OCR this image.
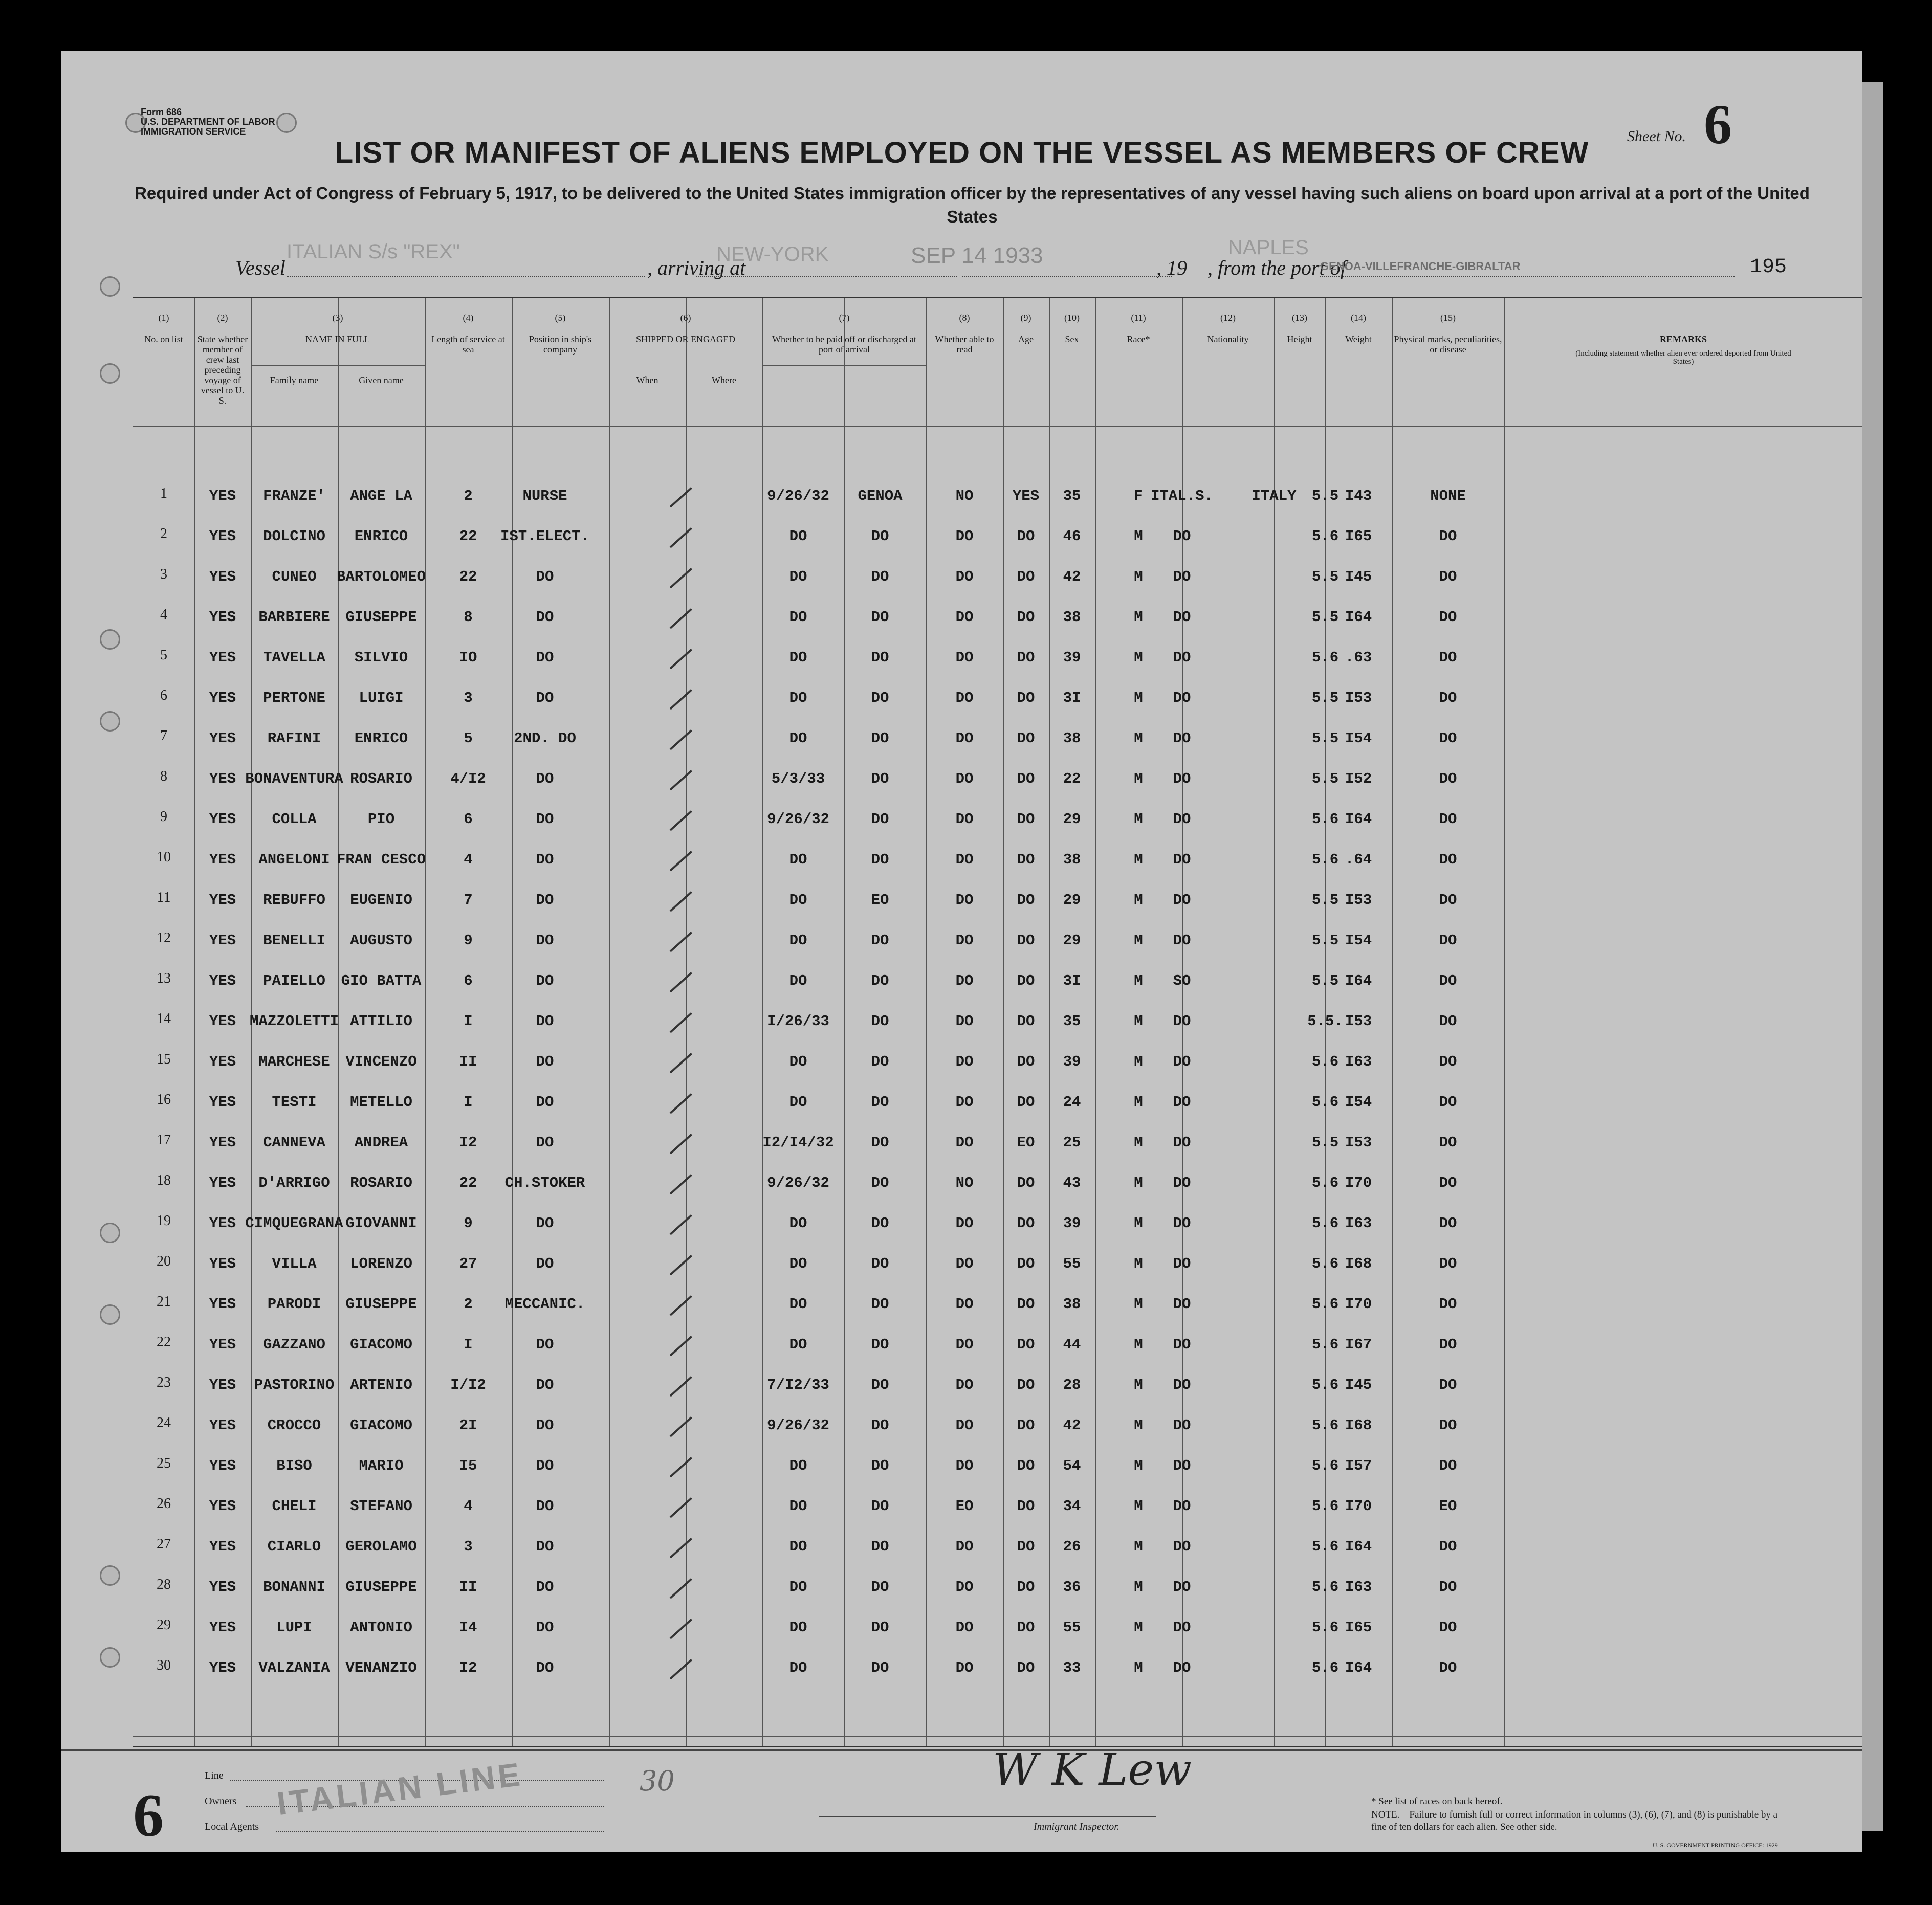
Form 686
U.S. DEPARTMENT OF LABOR
IMMIGRATION SERVICE
LIST OR MANIFEST OF ALIENS EMPLOYED ON THE VESSEL AS MEMBERS OF CREW	Sheet No. 6
Required under Act of Congress of February 5, 1917, to be delivered to the United States immigration officer by the representatives of any vessel having such aliens on board upon arrival at a port of the United States
Vessel
ITALIAN S/s "REX"
, arriving at
NEW-YORK	SEP 14 1933	, 19 , from the port of
NAPLES
GENOA-VILLEFRANCHE-GIBRALTAR	195
(1)
No. on list
(2)
State whether member of crew last preceding voyage of vessel to U. S.
(3)
NAME IN FULL
Family name	Given name
(4)
Length of service at sea
(5)
Position in ship's company
(6)
SHIPPED OR ENGAGED
When	Where
(7)
Whether to be paid off or discharged at port of arrival
(8)
Whether able to read
(9)
Age
(10)
Sex
(11)
Race*
(12)
Nationality
(13)
Height
(14)
Weight
(15)
Physical marks, peculiarities, or disease
REMARKS
(Including statement whether alien ever ordered deported from United States)
1	YES	FRANZE'	ANGE LA	2	NURSE	9/26/32	GENOA	NO	YES	35	F ITAL.S.	ITALY	5.5 I43	NONE
2	YES	DOLCINO	ENRICO	22	IST.ELECT.	DO	DO	DO	DO	46	M	DO	5.6 I65	DO
3	YES	CUNEO	BARTOLOMEO	22	DO	DO	DO	DO	DO	42	M	DO	5.5 I45	DO
4	YES	BARBIERE	GIUSEPPE	8	DO	DO	DO	DO	DO	38	M	DO	5.5 I64	DO
5	YES	TAVELLA	SILVIO	IO	DO	DO	DO	DO	DO	39	M	DO	5.6 .63	DO
6	YES	PERTONE	LUIGI	3	DO	DO	DO	DO	DO	3I	M	DO	5.5 I53	DO
7	YES	RAFINI	ENRICO	5	2ND. DO	DO	DO	DO	DO	38	M	DO	5.5 I54	DO
8	YES BONAVENTURA ROSARIO	4/I2	DO	5/3/33	DO	DO	DO	22	M	DO	5.5 I52	DO
9	YES	COLLA	PIO	6	DO	9/26/32	DO	DO	DO	29	M	DO	5.6 I64	DO
10	YES	ANGELONI FRAN CESCO	4	DO	DO	DO	DO	DO	38	M	DO	5.6 .64	DO
11	YES	REBUFFO	EUGENIO	7	DO	DO	EO	DO	DO	29	M	DO	5.5 I53	DO
12	YES	BENELLI	AUGUSTO	9	DO	DO	DO	DO	DO	29	M	DO	5.5 I54	DO
13	YES	PAIELLO	GIO BATTA	6	DO	DO	DO	DO	DO	3I	M	SO	5.5 I64	DO
14	YES MAZZOLETTI ATTILIO	I	DO	I/26/33	DO	DO	DO	35	M	DO	5.5. I53	DO
15	YES	MARCHESE	VINCENZO	II	DO	DO	DO	DO	DO	39	M	DO	5.6 I63	DO
16	YES	TESTI	METELLO	I	DO	DO	DO	DO	DO	24	M	DO	5.6 I54	DO
17	YES	CANNEVA	ANDREA	I2	DO	I2/I4/32	DO	DO	EO	25	M	DO	5.5 I53	DO
18	YES	D'ARRIGO	ROSARIO	22	CH.STOKER	9/26/32	DO	NO	DO	43	M	DO	5.6 I70	DO
19	YES CIMQUEGRANA GIOVANNI	9	DO	DO	DO	DO	DO	39	M	DO	5.6 I63	DO
20	YES	VILLA	LORENZO	27	DO	DO	DO	DO	DO	55	M	DO	5.6 I68	DO
21	YES	PARODI	GIUSEPPE	2	MECCANIC.	DO	DO	DO	DO	38	M	DO	5.6 I70	DO
22	YES	GAZZANO	GIACOMO	I	DO	DO	DO	DO	DO	44	M	DO	5.6 I67	DO
23	YES	PASTORINO	ARTENIO	I/I2	DO	7/I2/33	DO	DO	DO	28	M	DO	5.6 I45	DO
24	YES	CROCCO	GIACOMO	2I	DO	9/26/32	DO	DO	DO	42	M	DO	5.6 I68	DO
25	YES	BISO	MARIO	I5	DO	DO	DO	DO	DO	54	M	DO	5.6 I57	DO
26	YES	CHELI	STEFANO	4	DO	DO	DO	EO	DO	34	M	DO	5.6 I70	EO
27	YES	CIARLO	GEROLAMO	3	DO	DO	DO	DO	DO	26	M	DO	5.6 I64	DO
28	YES	BONANNI	GIUSEPPE	II	DO	DO	DO	DO	DO	36	M	DO	5.6 I63	DO
29	YES	LUPI	ANTONIO	I4	DO	DO	DO	DO	DO	55	M	DO	5.6 I65	DO
30	YES	VALZANIA	VENANZIO	I2	DO	DO	DO	DO	DO	33	M	DO	5.6 I64	DO
6
Line
Owners
Local Agents
ITALIAN LINE	30	W K Lew
Immigrant Inspector.
* See list of races on back hereof.
NOTE.—Failure to furnish full or correct information in columns (3), (6), (7), and (8) is punishable by a fine of ten dollars for each alien. See other side.
U. S. GOVERNMENT PRINTING OFFICE: 1929
